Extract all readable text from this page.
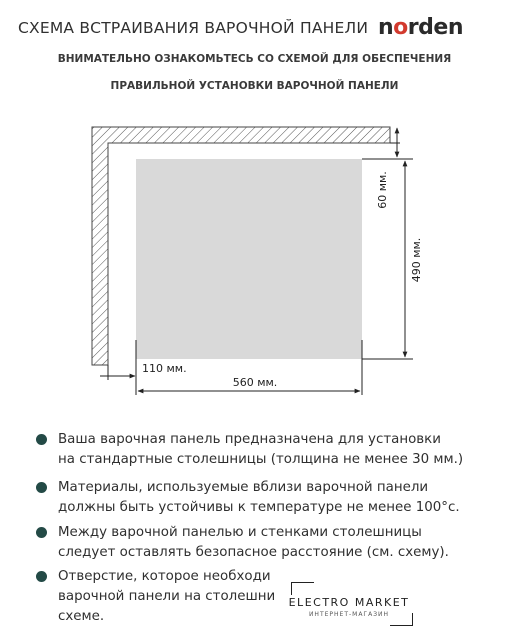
СХЕМА ВСТРАИВАНИЯ ВАРОЧНОЙ ПАНЕЛИ norden
ВНИМАТЕЛЬНО ОЗНАКОМЬТЕСЬ СО СХЕМОЙ ДЛЯ ОБЕСПЕЧЕНИЯ
ПРАВИЛЬНОЙ УСТАНОВКИ ВАРОЧНОЙ ПАНЕЛИ
60 мм.
490 мм.
110 мм.
560 мм.
Ваша варочная панель предназначена для установки
на стандартные столешницы (толщина не менее 30 мм.)
Материалы, используемые вблизи варочной панели
должны быть устойчивы к температуре не менее 100°с.
Между варочной панелью и стенками столешницы
следует оставлять безопасное расстояние (см. схему).
Отверстие, которое необходи
варочной панели на столешни
схеме.
ELECTRO MARKET
ИНТЕРНЕТ-МАГАЗИН
